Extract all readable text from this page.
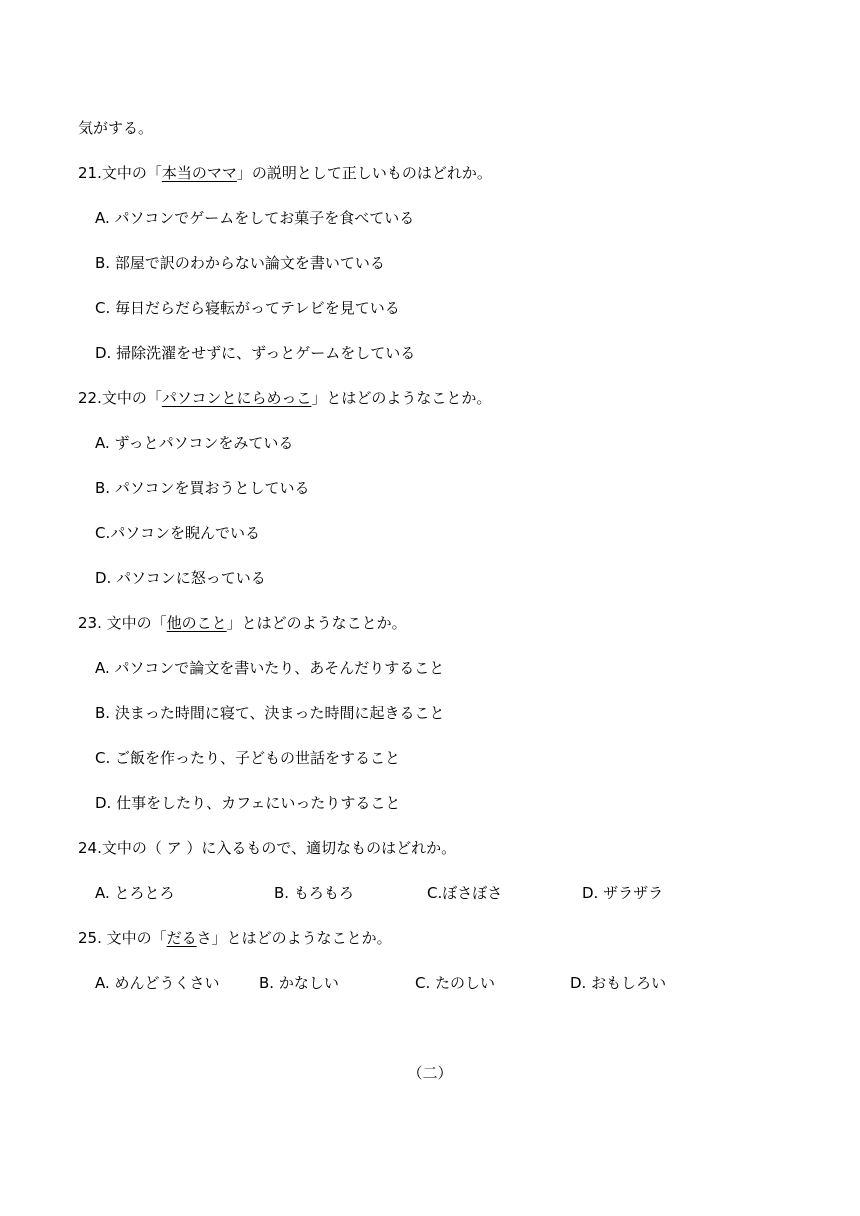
気がする。
21.文中の「本当のママ」の説明として正しいものはどれか。
A. パソコンでゲームをしてお菓子を食べている
B. 部屋で訳のわからない論文を書いている
C. 毎日だらだら寝転がってテレビを見ている
D. 掃除洗濯をせずに、ずっとゲームをしている
22.文中の「パソコンとにらめっこ」とはどのようなことか。
A. ずっとパソコンをみている
B. パソコンを買おうとしている
C.パソコンを睨んでいる
D. パソコンに怒っている
23. 文中の「他のこと」とはどのようなことか。
A. パソコンで論文を書いたり、あそんだりすること
B. 決まった時間に寝て、決まった時間に起きること
C. ご飯を作ったり、子どもの世話をすること
D. 仕事をしたり、カフェにいったりすること
24.文中の（ ア ）に入るもので、適切なものはどれか。
A. とろとろ	B. もろもろ	C.ぼさぼさ	D. ザラザラ
25. 文中の「だるさ」とはどのようなことか。
A. めんどうくさい	B. かなしい	C. たのしい	D. おもしろい
（二）
